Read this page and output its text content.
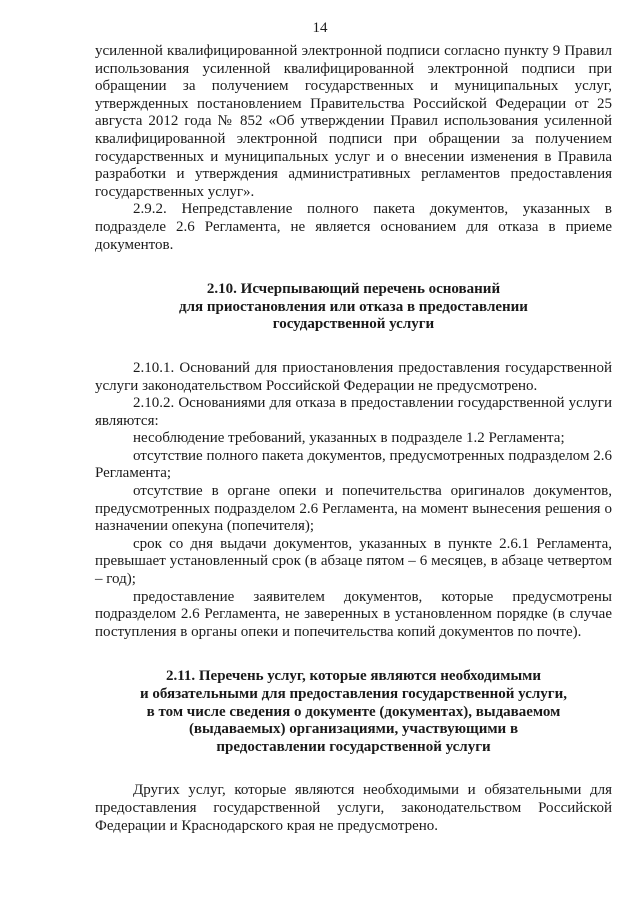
14

усиленной квалифицированной электронной подписи согласно пункту 9 Правил использования усиленной квалифицированной электронной подписи при обращении за получением государственных и муниципальных услуг, утвержденных постановлением Правительства Российской Федерации от 25 августа 2012 года № 852 «Об утверждении Правил использования усиленной квалифицированной электронной подписи при обращении за получением государственных и муниципальных услуг и о внесении изменения в Правила разработки и утверждения административных регламентов предоставления государственных услуг».

2.9.2. Непредставление полного пакета документов, указанных в подразделе 2.6 Регламента, не является основанием для отказа в приеме документов.

2.10. Исчерпывающий перечень оснований
для приостановления или отказа в предоставлении
государственной услуги

2.10.1. Оснований для приостановления предоставления государственной услуги законодательством Российской Федерации не предусмотрено.

2.10.2. Основаниями для отказа в предоставлении государственной услуги являются:

несоблюдение требований, указанных в подразделе 1.2 Регламента;

отсутствие полного пакета документов, предусмотренных подразделом 2.6 Регламента;

отсутствие в органе опеки и попечительства оригиналов документов, предусмотренных подразделом 2.6 Регламента, на момент вынесения решения о назначении опекуна (попечителя);

срок со дня выдачи документов, указанных в пункте 2.6.1 Регламента, превышает установленный срок (в абзаце пятом – 6 месяцев, в абзаце четвертом – год);

предоставление заявителем документов, которые предусмотрены подразделом 2.6 Регламента, не заверенных в установленном порядке (в случае поступления в органы опеки и попечительства копий документов по почте).

2.11. Перечень услуг, которые являются необходимыми
и обязательными для предоставления государственной услуги,
в том числе сведения о документе (документах), выдаваемом
(выдаваемых) организациями, участвующими в
предоставлении государственной услуги

Других услуг, которые являются необходимыми и обязательными для предоставления государственной услуги, законодательством Российской Федерации и Краснодарского края не предусмотрено.
